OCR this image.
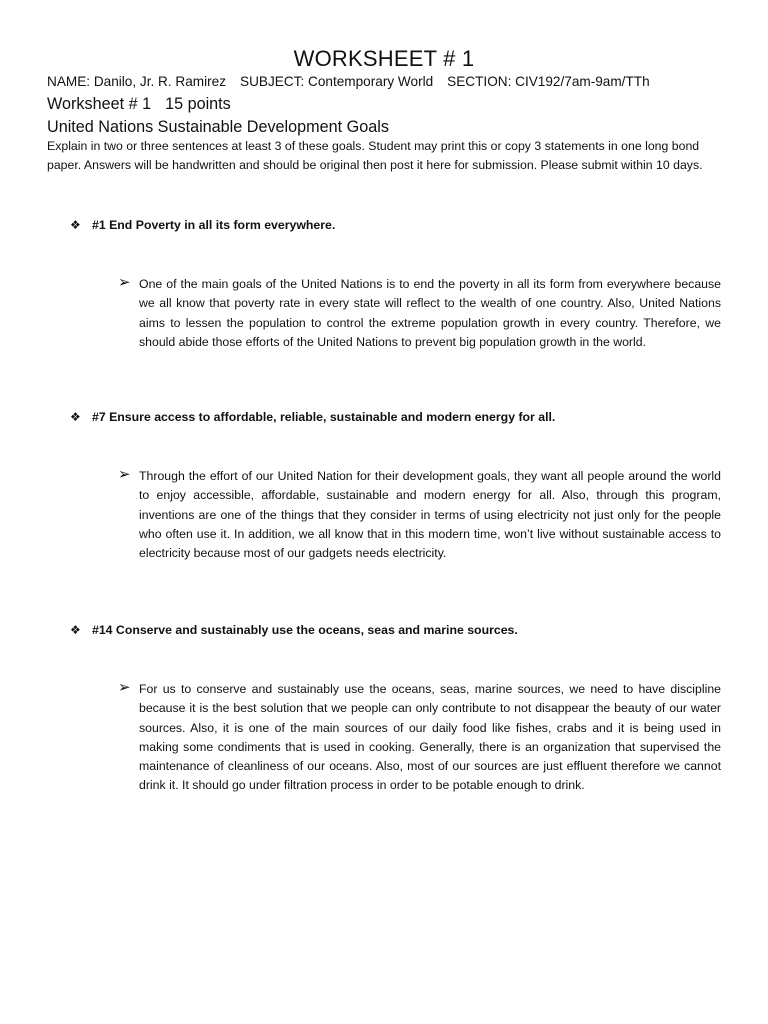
WORKSHEET # 1
NAME: Danilo, Jr. R. Ramirez SUBJECT: Contemporary World SECTION: CIV192/7am-9am/TTh
Worksheet # 1 15 points
United Nations Sustainable Development Goals
Explain in two or three sentences at least 3 of these goals. Student may print this or copy 3 statements in one long bond paper. Answers will be handwritten and should be original then post it here for submission. Please submit within 10 days.
❖ #1 End Poverty in all its form everywhere.
➢ One of the main goals of the United Nations is to end the poverty in all its form from everywhere because we all know that poverty rate in every state will reflect to the wealth of one country. Also, United Nations aims to lessen the population to control the extreme population growth in every country. Therefore, we should abide those efforts of the United Nations to prevent big population growth in the world.
❖ #7 Ensure access to affordable, reliable, sustainable and modern energy for all.
➢ Through the effort of our United Nation for their development goals, they want all people around the world to enjoy accessible, affordable, sustainable and modern energy for all. Also, through this program, inventions are one of the things that they consider in terms of using electricity not just only for the people who often use it. In addition, we all know that in this modern time, won’t live without sustainable access to electricity because most of our gadgets needs electricity.
❖ #14 Conserve and sustainably use the oceans, seas and marine sources.
➢ For us to conserve and sustainably use the oceans, seas, marine sources, we need to have discipline because it is the best solution that we people can only contribute to not disappear the beauty of our water sources. Also, it is one of the main sources of our daily food like fishes, crabs and it is being used in making some condiments that is used in cooking. Generally, there is an organization that supervised the maintenance of cleanliness of our oceans. Also, most of our sources are just effluent therefore we cannot drink it. It should go under filtration process in order to be potable enough to drink.
